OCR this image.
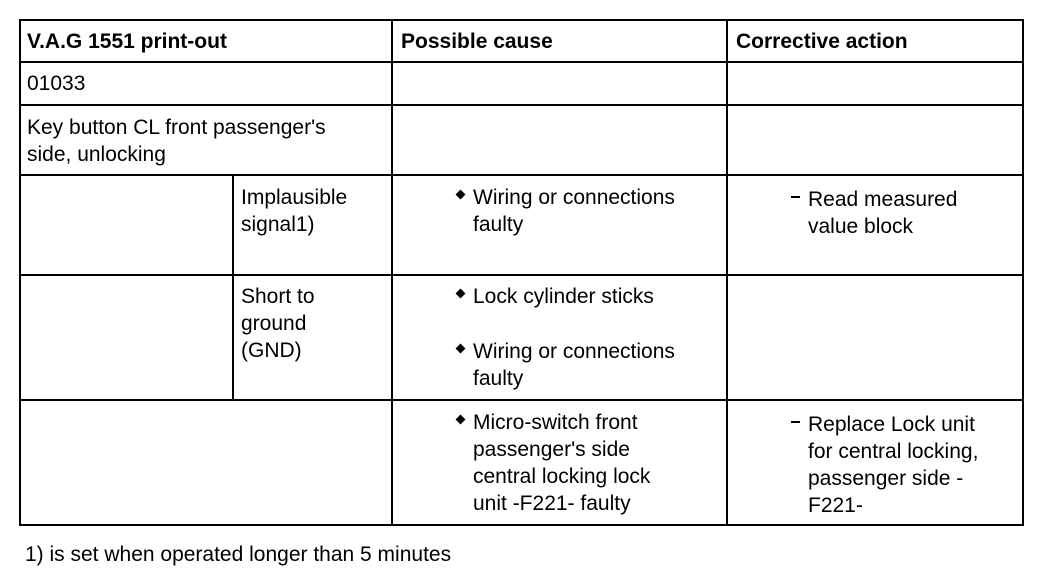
V.A.G 1551 print-out	Possible cause	Corrective action
01033
Key button CL front passenger's
side, unlocking
Implausible
signal1)
Wiring or connections
faulty
Read measured
value block
Short to
ground
(GND)
Lock cylinder sticks
Wiring or connections
faulty
Micro-switch front
passenger's side
central locking lock
unit -F221- faulty
Replace Lock unit
for central locking,
passenger side -
F221-
1) is set when operated longer than 5 minutes
